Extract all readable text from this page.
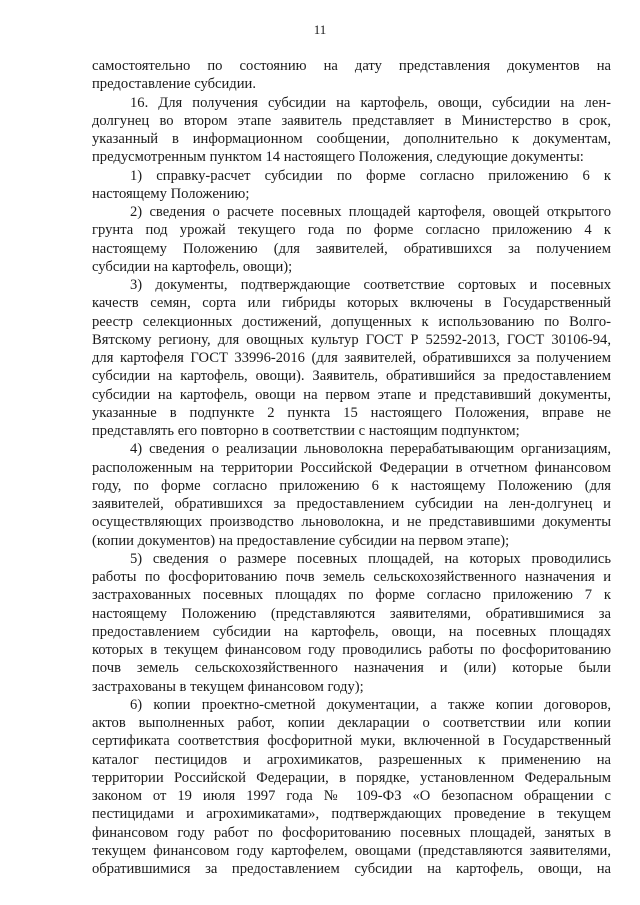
11
самостоятельно по состоянию на дату представления документов на
предоставление субсидии.
16. Для получения субсидии на картофель, овощи, субсидии на лен-
долгунец во втором этапе заявитель представляет в Министерство в срок,
указанный в информационном сообщении, дополнительно к документам,
предусмотренным пунктом 14 настоящего Положения, следующие документы:
1) справку-расчет субсидии по форме согласно приложению 6 к
настоящему Положению;
2) сведения о расчете посевных площадей картофеля, овощей открытого
грунта под урожай текущего года по форме согласно приложению 4 к
настоящему Положению (для заявителей, обратившихся за получением
субсидии на картофель, овощи);
3) документы, подтверждающие соответствие сортовых и посевных
качеств семян, сорта или гибриды которых включены в Государственный
реестр селекционных достижений, допущенных к использованию по Волго-
Вятскому региону, для овощных культур ГОСТ Р 52592-2013, ГОСТ 30106-94,
для картофеля ГОСТ 33996-2016 (для заявителей, обратившихся за получением
субсидии на картофель, овощи). Заявитель, обратившийся за предоставлением
субсидии на картофель, овощи на первом этапе и представивший документы,
указанные в подпункте 2 пункта 15 настоящего Положения, вправе не
представлять его повторно в соответствии с настоящим подпунктом;
4) сведения о реализации льноволокна перерабатывающим организациям,
расположенным на территории Российской Федерации в отчетном финансовом
году, по форме согласно приложению 6 к настоящему Положению (для
заявителей, обратившихся за предоставлением субсидии на лен-долгунец и
осуществляющих производство льноволокна, и не представившими документы
(копии документов) на предоставление субсидии на первом этапе);
5) сведения о размере посевных площадей, на которых проводились
работы по фосфоритованию почв земель сельскохозяйственного назначения и
застрахованных посевных площадях по форме согласно приложению 7 к
настоящему Положению (представляются заявителями, обратившимися за
предоставлением субсидии на картофель, овощи, на посевных площадях
которых в текущем финансовом году проводились работы по фосфоритованию
почв земель сельскохозяйственного назначения и (или) которые были
застрахованы в текущем финансовом году);
6) копии проектно-сметной документации, а также копии договоров,
актов выполненных работ, копии декларации о соответствии или копии
сертификата соответствия фосфоритной муки, включенной в Государственный
каталог пестицидов и агрохимикатов, разрешенных к применению на
территории Российской Федерации, в порядке, установленном Федеральным
законом от 19 июля 1997 года № 109-ФЗ «О безопасном обращении с
пестицидами и агрохимикатами», подтверждающих проведение в текущем
финансовом году работ по фосфоритованию посевных площадей, занятых в
текущем финансовом году картофелем, овощами (представляются заявителями,
обратившимися за предоставлением субсидии на картофель, овощи, на
